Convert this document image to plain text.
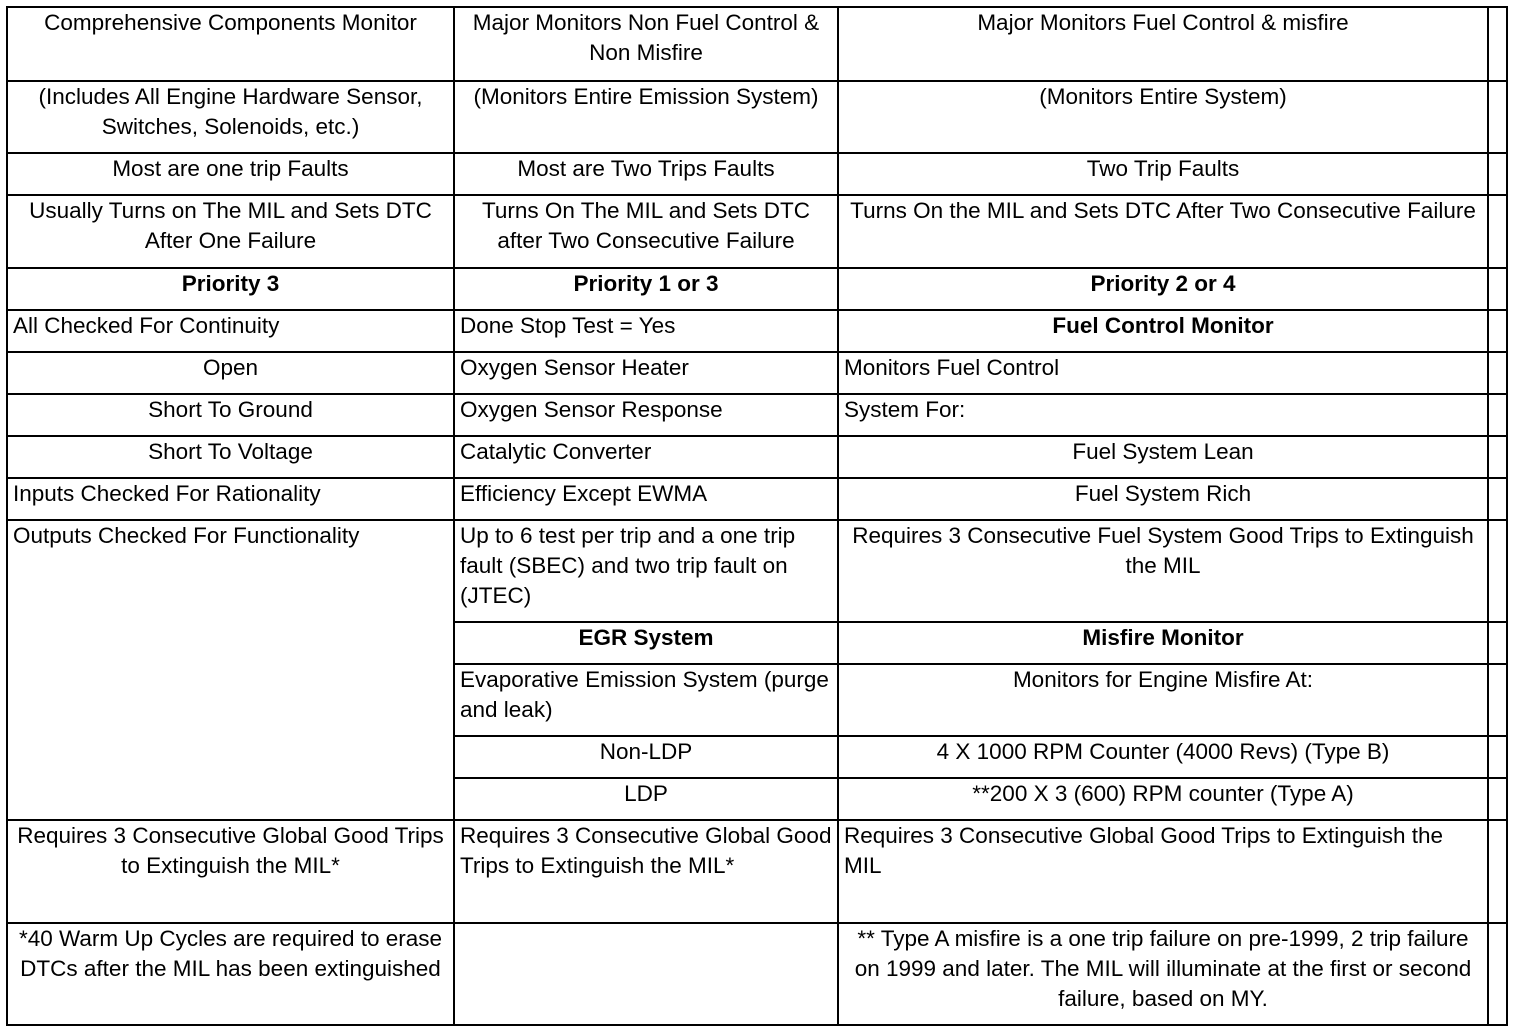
Comprehensive Components Monitor	Major Monitors Non Fuel Control & Non Misfire	Major Monitors Fuel Control & misfire	
(Includes All Engine Hardware Sensor, Switches, Solenoids, etc.)	(Monitors Entire Emission System)	(Monitors Entire System)	
Most are one trip Faults	Most are Two Trips Faults	Two Trip Faults	
Usually Turns on The MIL and Sets DTC After One Failure	Turns On The MIL and Sets DTC after Two Consecutive Failure	Turns On the MIL and Sets DTC After Two Consecutive Failure	
Priority 3	Priority 1 or 3	Priority 2 or 4	
All Checked For Continuity	Done Stop Test = Yes	Fuel Control Monitor	
Open	Oxygen Sensor Heater	Monitors Fuel Control	
Short To Ground	Oxygen Sensor Response	System For:	
Short To Voltage	Catalytic Converter	Fuel System Lean	
Inputs Checked For Rationality	Efficiency Except EWMA	Fuel System Rich	
Outputs Checked For Functionality	Up to 6 test per trip and a one trip fault (SBEC) and two trip fault on (JTEC)	Requires 3 Consecutive Fuel System Good Trips to Extinguish the MIL	
	EGR System	Misfire Monitor	
	Evaporative Emission System (purge and leak)	Monitors for Engine Misfire At:	
	Non-LDP	4 X 1000 RPM Counter (4000 Revs) (Type B)	
	LDP	**200 X 3 (600) RPM counter (Type A)	
Requires 3 Consecutive Global Good Trips to Extinguish the MIL*	Requires 3 Consecutive Global Good Trips to Extinguish the MIL*	Requires 3 Consecutive Global Good Trips to Extinguish the MIL	
*40 Warm Up Cycles are required to erase DTCs after the MIL has been extinguished		** Type A misfire is a one trip failure on pre-1999, 2 trip failure on 1999 and later. The MIL will illuminate at the first or second failure, based on MY.	
